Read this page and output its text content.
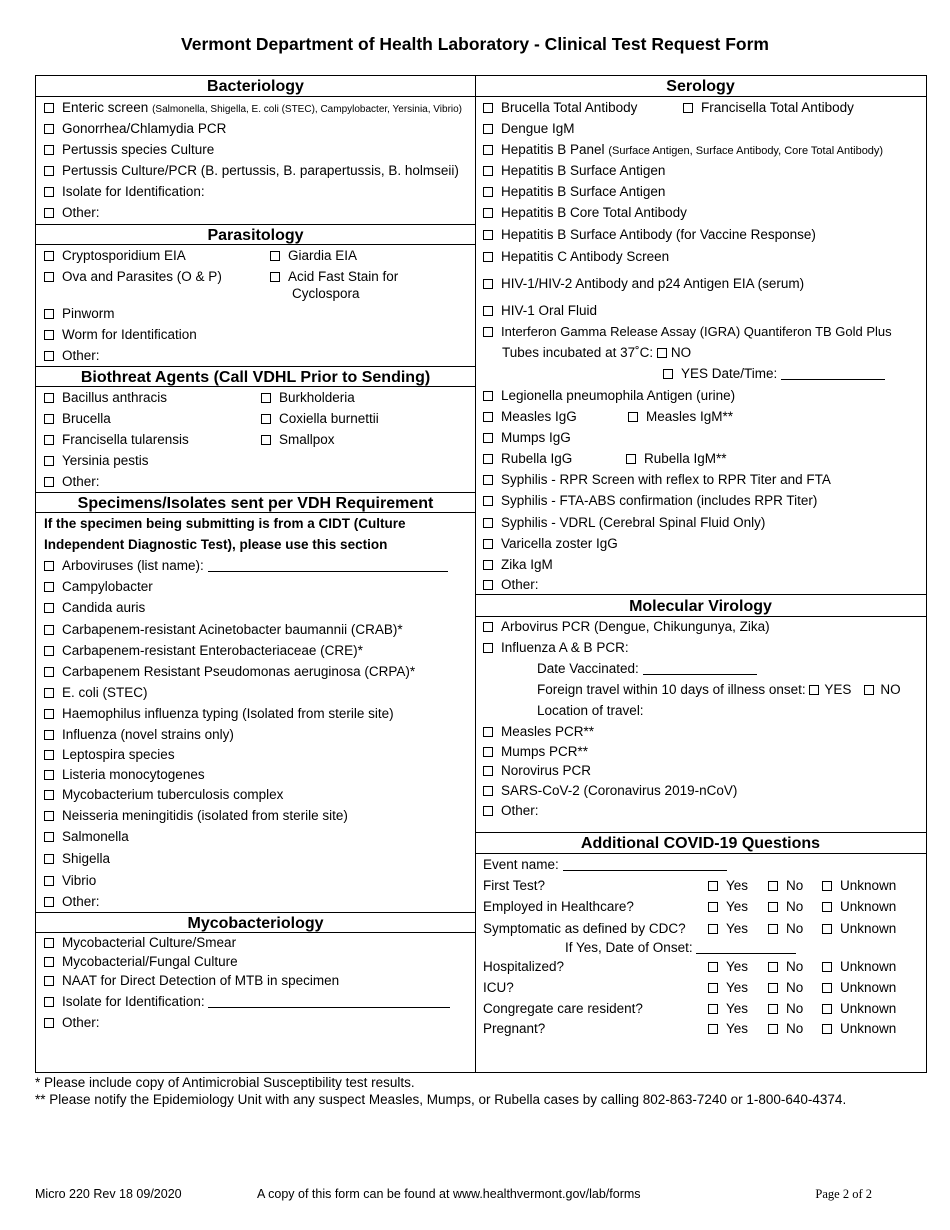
Vermont Department of Health Laboratory - Clinical Test Request Form
Bacteriology
Enteric screen (Salmonella, Shigella, E. coli (STEC), Campylobacter, Yersinia, Vibrio)
Gonorrhea/Chlamydia PCR
Pertussis species Culture
Pertussis Culture/PCR (B. pertussis, B. parapertussis, B. holmseii)
Isolate for Identification:
Other:
Parasitology
Cryptosporidium EIA	Giardia EIA
Ova and Parasites (O & P)	Acid Fast Stain for
Cyclospora
Pinworm
Worm for Identification
Other:
Biothreat Agents (Call VDHL Prior to Sending)
Bacillus anthracis	Burkholderia
Brucella	Coxiella burnettii
Francisella tularensis	Smallpox
Yersinia pestis
Other:
Specimens/Isolates sent per VDH Requirement
If the specimen being submitting is from a CIDT (Culture
Independent Diagnostic Test), please use this section
Arboviruses (list name):
Campylobacter
Candida auris
Carbapenem-resistant Acinetobacter baumannii (CRAB)*
Carbapenem-resistant Enterobacteriaceae (CRE)*
Carbapenem Resistant Pseudomonas aeruginosa (CRPA)*
E. coli (STEC)
Haemophilus influenza typing (Isolated from sterile site)
Influenza (novel strains only)
Leptospira species
Listeria monocytogenes
Mycobacterium tuberculosis complex
Neisseria meningitidis (isolated from sterile site)
Salmonella
Shigella
Vibrio
Other:
Mycobacteriology
Mycobacterial Culture/Smear
Mycobacterial/Fungal Culture
NAAT for Direct Detection of MTB in specimen
Isolate for Identification:
Other:
Serology
Brucella Total Antibody	Francisella Total Antibody
Dengue IgM
Hepatitis B Panel (Surface Antigen, Surface Antibody, Core Total Antibody)
Hepatitis B Surface Antigen
Hepatitis B Surface Antigen
Hepatitis B Core Total Antibody
Hepatitis B Surface Antibody (for Vaccine Response)
Hepatitis C Antibody Screen
HIV-1/HIV-2 Antibody and p24 Antigen EIA (serum)
HIV-1 Oral Fluid
Interferon Gamma Release Assay (IGRA) Quantiferon TB Gold Plus
Tubes incubated at 37˚C: NO
YES Date/Time:
Legionella pneumophila Antigen (urine)
Measles IgG	Measles IgM**
Mumps IgG
Rubella IgG	Rubella IgM**
Syphilis - RPR Screen with reflex to RPR Titer and FTA
Syphilis - FTA-ABS confirmation (includes RPR Titer)
Syphilis - VDRL (Cerebral Spinal Fluid Only)
Varicella zoster IgG
Zika IgM
Other:
Molecular Virology
Arbovirus PCR (Dengue, Chikungunya, Zika)
Influenza A & B PCR:
Date Vaccinated:
Foreign travel within 10 days of illness onset: YES NO
Location of travel:
Measles PCR**
Mumps PCR**
Norovirus PCR
SARS-CoV-2 (Coronavirus 2019-nCoV)
Other:
Additional COVID-19 Questions
Event name:
First Test?	Yes	No	Unknown
Employed in Healthcare?	Yes	No	Unknown
Symptomatic as defined by CDC?	Yes	No	Unknown
If Yes, Date of Onset:
Hospitalized?	Yes	No	Unknown
ICU?	Yes	No	Unknown
Congregate care resident?	Yes	No	Unknown
Pregnant?	Yes	No	Unknown
* Please include copy of Antimicrobial Susceptibility test results.
** Please notify the Epidemiology Unit with any suspect Measles, Mumps, or Rubella cases by calling 802-863-7240 or 1-800-640-4374.
Micro 220 Rev 18 09/2020	A copy of this form can be found at www.healthvermont.gov/lab/forms	Page 2 of 2
